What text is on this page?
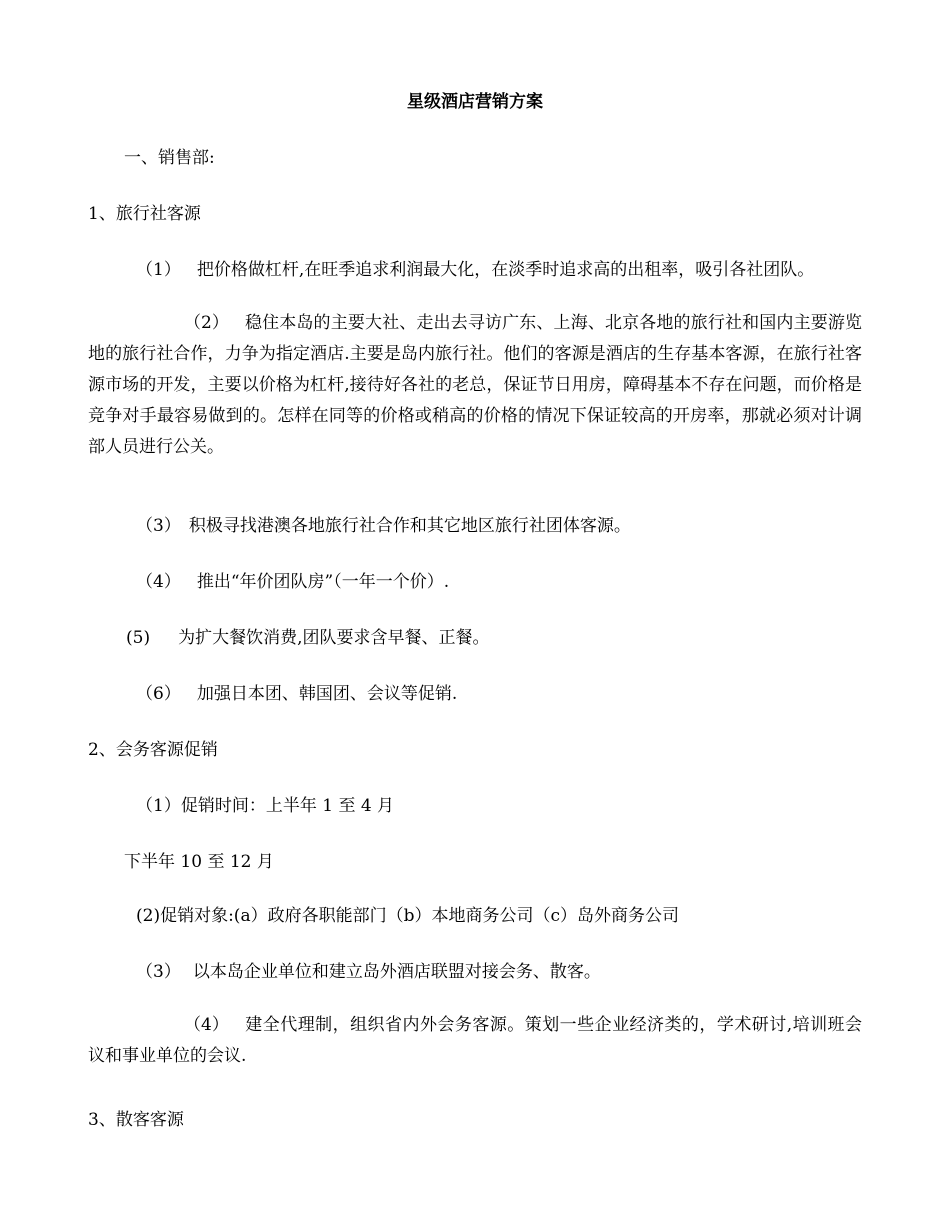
星级酒店营销方案
一、销售部:
1、旅行社客源
（1） 把价格做杠杆,在旺季追求利润最大化，在淡季时追求高的出租率，吸引各社团队。
（2） 稳住本岛的主要大社、走出去寻访广东、上海、北京各地的旅行社和国内主要游览地的旅行社合作，力争为指定酒店.主要是岛内旅行社。他们的客源是酒店的生存基本客源，在旅行社客源市场的开发，主要以价格为杠杆,接待好各社的老总，保证节日用房，障碍基本不存在问题，而价格是竞争对手最容易做到的。怎样在同等的价格或稍高的价格的情况下保证较高的开房率，那就必须对计调部人员进行公关。
（3） 积极寻找港澳各地旅行社合作和其它地区旅行社团体客源。
（4） 推出“年价团队房”（一年一个价）.
(5) 为扩大餐饮消费,团队要求含早餐、正餐。
（6） 加强日本团、韩国团、会议等促销.
2、会务客源促销
（1）促销时间：上半年 1 至 4 月
下半年 10 至 12 月
(2)促销对象:(a）政府各职能部门（b）本地商务公司（c）岛外商务公司
（3） 以本岛企业单位和建立岛外酒店联盟对接会务、散客。
（4） 建全代理制，组织省内外会务客源。策划一些企业经济类的，学术研讨,培训班会议和事业单位的会议.
3、散客客源
